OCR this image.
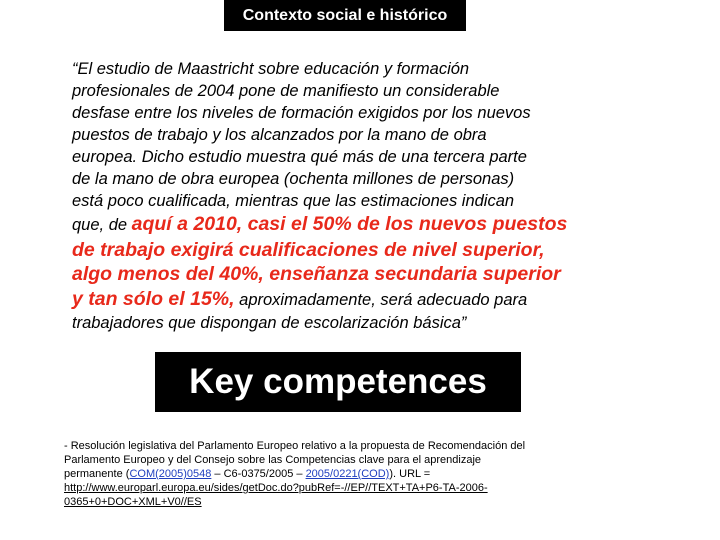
Contexto social e histórico

“El estudio de Maastricht sobre educación y formación
profesionales de 2004 pone de manifiesto un considerable
desfase entre los niveles de formación exigidos por los nuevos
puestos de trabajo y los alcanzados por la mano de obra
europea. Dicho estudio muestra qué más de una tercera parte
de la mano de obra europea (ochenta millones de personas)
está poco cualificada, mientras que las estimaciones indican
que, de aquí a 2010, casi el 50% de los nuevos puestos
de trabajo exigirá cualificaciones de nivel superior,
algo menos del 40%, enseñanza secundaria superior
y tan sólo el 15%, aproximadamente, será adecuado para
trabajadores que dispongan de escolarización básica”

Key competences

- Resolución legislativa del Parlamento Europeo relativo a la propuesta de Recomendación del
Parlamento Europeo y del Consejo sobre las Competencias clave para el aprendizaje
permanente (COM(2005)0548 – C6-0375/2005 – 2005/0221(COD)). URL =
http://www.europarl.europa.eu/sides/getDoc.do?pubRef=-//EP//TEXT+TA+P6-TA-2006-
0365+0+DOC+XML+V0//ES
